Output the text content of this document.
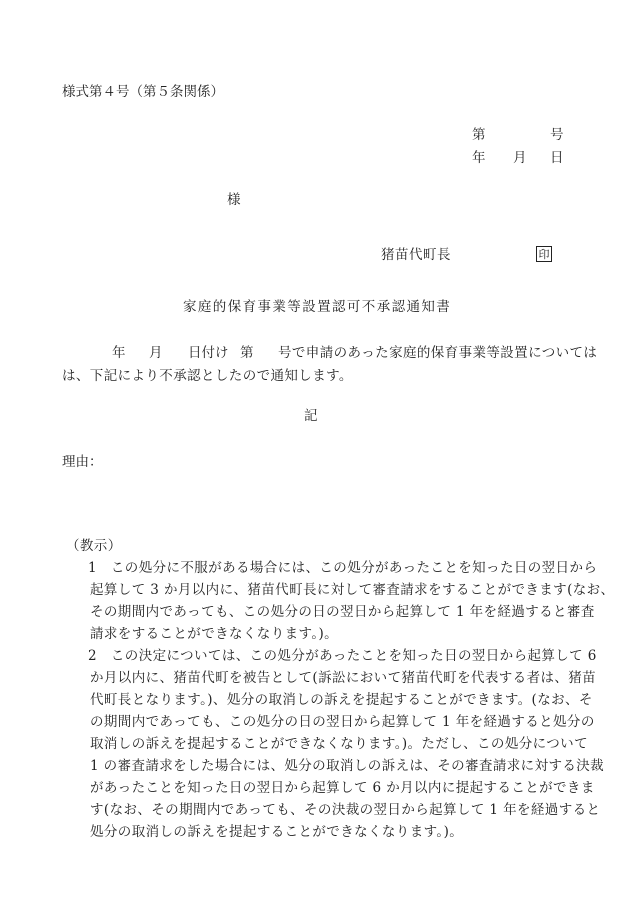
様式第４号（第５条関係）
第	号
年 月 日
様
猪苗代町長	印
家庭的保育事業等設置認可不承認通知書
年 月 日付け 第 号で申請のあった家庭的保育事業等設置については
は、下記により不承認としたので通知します。
記
理由：
（教示）
1　この処分に不服がある場合には、この処分があったことを知った日の翌日から
起算して 3 か月以内に、猪苗代町長に対して審査請求をすることができます(なお、
その期間内であっても、この処分の日の翌日から起算して 1 年を経過すると審査
請求をすることができなくなります。)。
2　この決定については、この処分があったことを知った日の翌日から起算して 6
か月以内に、猪苗代町を被告として(訴訟において猪苗代町を代表する者は、猪苗
代町長となります。)、処分の取消しの訴えを提起することができます。(なお、そ
の期間内であっても、この処分の日の翌日から起算して 1 年を経過すると処分の
取消しの訴えを提起することができなくなります。)。ただし、この処分について
1 の審査請求をした場合には、処分の取消しの訴えは、その審査請求に対する決裁
があったことを知った日の翌日から起算して 6 か月以内に提起することができま
す(なお、その期間内であっても、その決裁の翌日から起算して 1 年を経過すると
処分の取消しの訴えを提起することができなくなります。)。
